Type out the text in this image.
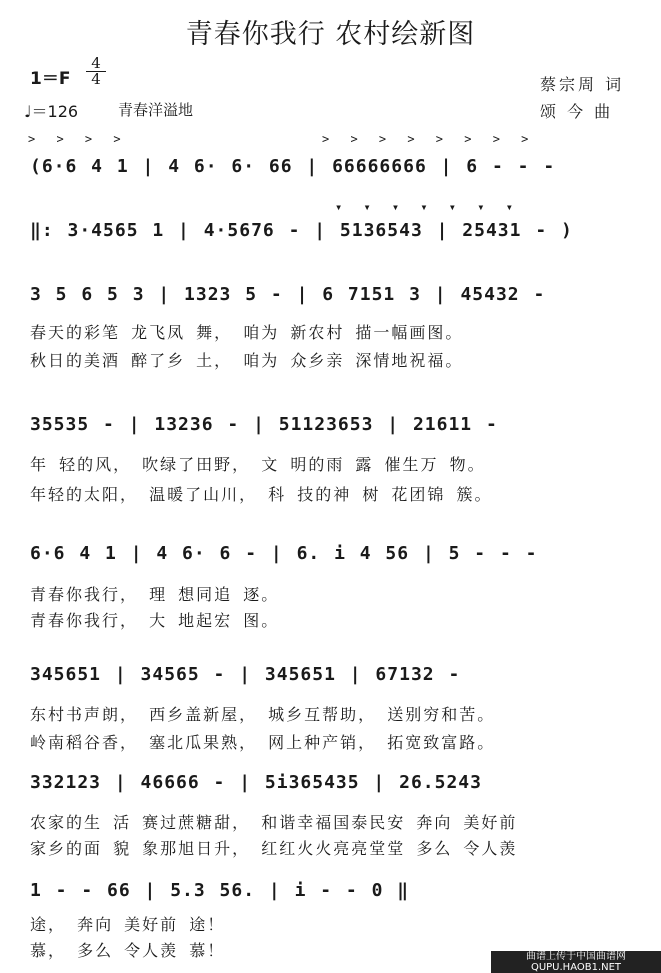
青春你我行 农村绘新图
1＝F
4
4
♩＝126	青春洋溢地
蔡宗周 词
颂 今 曲
> > > >	> > > > > > > >
(6·6 4 1 | 4 6· 6· 66 | 66666666 | 6 - - -
▾ ▾ ▾ ▾ ▾ ▾ ▾
‖: 3·4565 1 | 4·5676 - | 5136543 | 25431 - )
3 5 6 5 3 | 1323 5 - | 6 7151 3 | 45432 -
春天的彩笔 龙飞凤 舞， 咱为 新农村 描一幅画图。
秋日的美酒 醉了乡 土， 咱为 众乡亲 深情地祝福。
35535 - | 13236 - | 51123653 | 21611 -
年 轻的风， 吹绿了田野， 文 明的雨 露 催生万 物。
年轻的太阳， 温暖了山川， 科 技的神 树 花团锦 簇。
6·6 4 1 | 4 6· 6 - | 6. i 4 56 | 5 - - -
青春你我行， 理 想同追 逐。
青春你我行， 大 地起宏 图。
345651 | 34565 - | 345651 | 67132 -
东村书声朗， 西乡盖新屋， 城乡互帮助， 送别穷和苦。
岭南稻谷香， 塞北瓜果熟， 网上种产销， 拓宽致富路。
332123 | 46666 - | 5i365435 | 26.5243
农家的生 活 赛过蔗糖甜， 和谐幸福国泰民安 奔向 美好前
家乡的面 貌 象那旭日升， 红红火火亮亮堂堂 多么 令人羡
1 - - 66 | 5.3 56. | i - - 0 ‖
途， 奔向 美好前 途！
慕， 多么 令人羡 慕！	曲谱上传于中国曲谱网
QUPU.HAOB1.NET
